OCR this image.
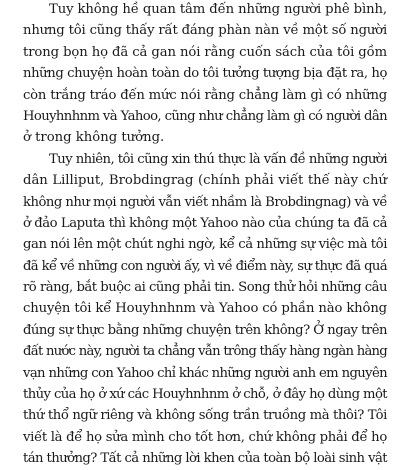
Tuy không hề quan tâm đến những người phê bình,
nhưng tôi cũng thấy rất đáng phàn nàn về một số người
trong bọn họ đã cả gan nói rằng cuốn sách của tôi gồm
những chuyện hoàn toàn do tôi tưởng tượng bịa đặt ra, họ
còn trắng tráo đến mức nói rằng chẳng làm gì có những
Houyhnhnm và Yahoo, cũng như chẳng làm gì có người dân
ở trong không tưởng.
Tuy nhiên, tôi cũng xin thú thực là vấn đề những người
dân Lilliput, Brobdingrag (chính phải viết thế này chứ
không như mọi người vẫn viết nhầm là Brobdingnag) và về
ở đảo Laputa thì không một Yahoo nào của chúng ta đã cả
gan nói lên một chút nghi ngờ, kể cả những sự việc mà tôi
đã kể về những con người ấy, vì về điểm này, sự thực đã quá
rõ ràng, bắt buộc ai cũng phải tin. Song thử hỏi những câu
chuyện tôi kể Houyhnhnm và Yahoo có phần nào không
đúng sự thực bằng những chuyện trên không? Ở ngay trên
đất nước này, người ta chẳng vẫn trông thấy hàng ngàn hàng
vạn những con Yahoo chỉ khác những người anh em nguyên
thủy của họ ở xứ các Houyhnhnm ở chỗ, ở đây họ dùng một
thứ thổ ngữ riêng và không sống trần truồng mà thôi? Tôi
viết là để họ sửa mình cho tốt hơn, chứ không phải để họ
tán thưởng? Tất cả những lời khen của toàn bộ loài sinh vật
